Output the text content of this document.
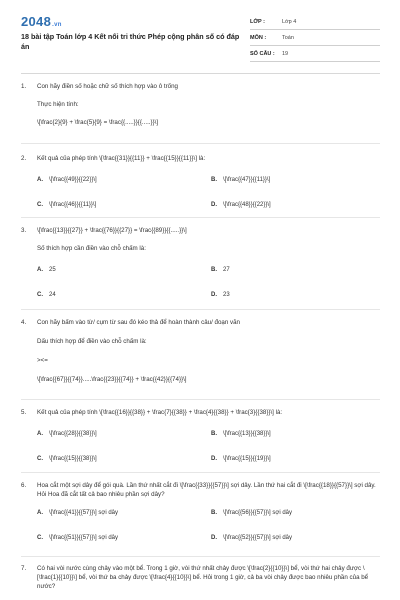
2048.vn
18 bài tập Toán lớp 4 Kết nối tri thức Phép cộng phân số có đáp án
LỚP :	Lớp 4
MÔN :	Toán
SỐ CÂU :	19
1.	Con hãy điền số hoặc chữ số thích hợp vào ô trống
Thực hiện tính:
\[\frac{2}{9} + \frac{5}{9} = \frac{{.....}}{{.....}}\]
2.	Kết quả của phép tính \[\frac{{31}}{{11}} + \frac{{15}}{{11}}\] là:
A. \[\frac{{49}}{{22}}\]	B. \[\frac{{47}}{{11}}\]
C. \[\frac{{46}}{{11}}\]	D. \[\frac{{48}}{{22}}\]
3.	\[\frac{{13}}{{27}} + \frac{{76}}{{27}} = \frac{{89}}{{.....}}\]
Số thích hợp cần điền vào chỗ chấm là:
A. 25	B. 27
C. 24	D. 23
4.	Con hãy bấm vào từ/ cụm từ sau đó kéo thả để hoàn thành câu/ đoạn văn
Dấu thích hợp để điền vào chỗ chấm là:
><=
\[\frac{{67}}{{74}}.....\frac{{23}}{{74}} + \frac{{42}}{{74}}\]
5.	Kết quả của phép tính \[\frac{{16}}{{38}} + \frac{7}{{38}} + \frac{4}{{38}} + \frac{3}{{38}}\] là:
A. \[\frac{{28}}{{38}}\]	B. \[\frac{{13}}{{38}}\]
C. \[\frac{{15}}{{38}}\]	D. \[\frac{{15}}{{19}}\]
6.	Hoa cắt một sợi dây để gói quà. Lần thứ nhất cắt đi \[\frac{{33}}{{57}}\] sợi dây. Lần thứ hai cắt đi \[\frac{{18}}{{57}}\] sợi dây. Hỏi Hoa đã cắt tất cả bao nhiêu phần sợi dây?
A. \[\frac{{41}}{{57}}\] sợi dây	B. \[\frac{{56}}{{57}}\] sợi dây
C. \[\frac{{51}}{{57}}\] sợi dây	D. \[\frac{{52}}{{57}}\] sợi dây
7.	Có hai vòi nước cùng chảy vào một bể. Trong 1 giờ, vòi thứ nhất chảy được \[\frac{2}{{10}}\] bể, vòi thứ hai chảy được \[\frac{1}{{10}}\] bể, vòi thứ ba chảy được \[\frac{4}{{10}}\] bể. Hỏi trong 1 giờ, cả ba vòi chảy được bao nhiêu phần của bể nước?
